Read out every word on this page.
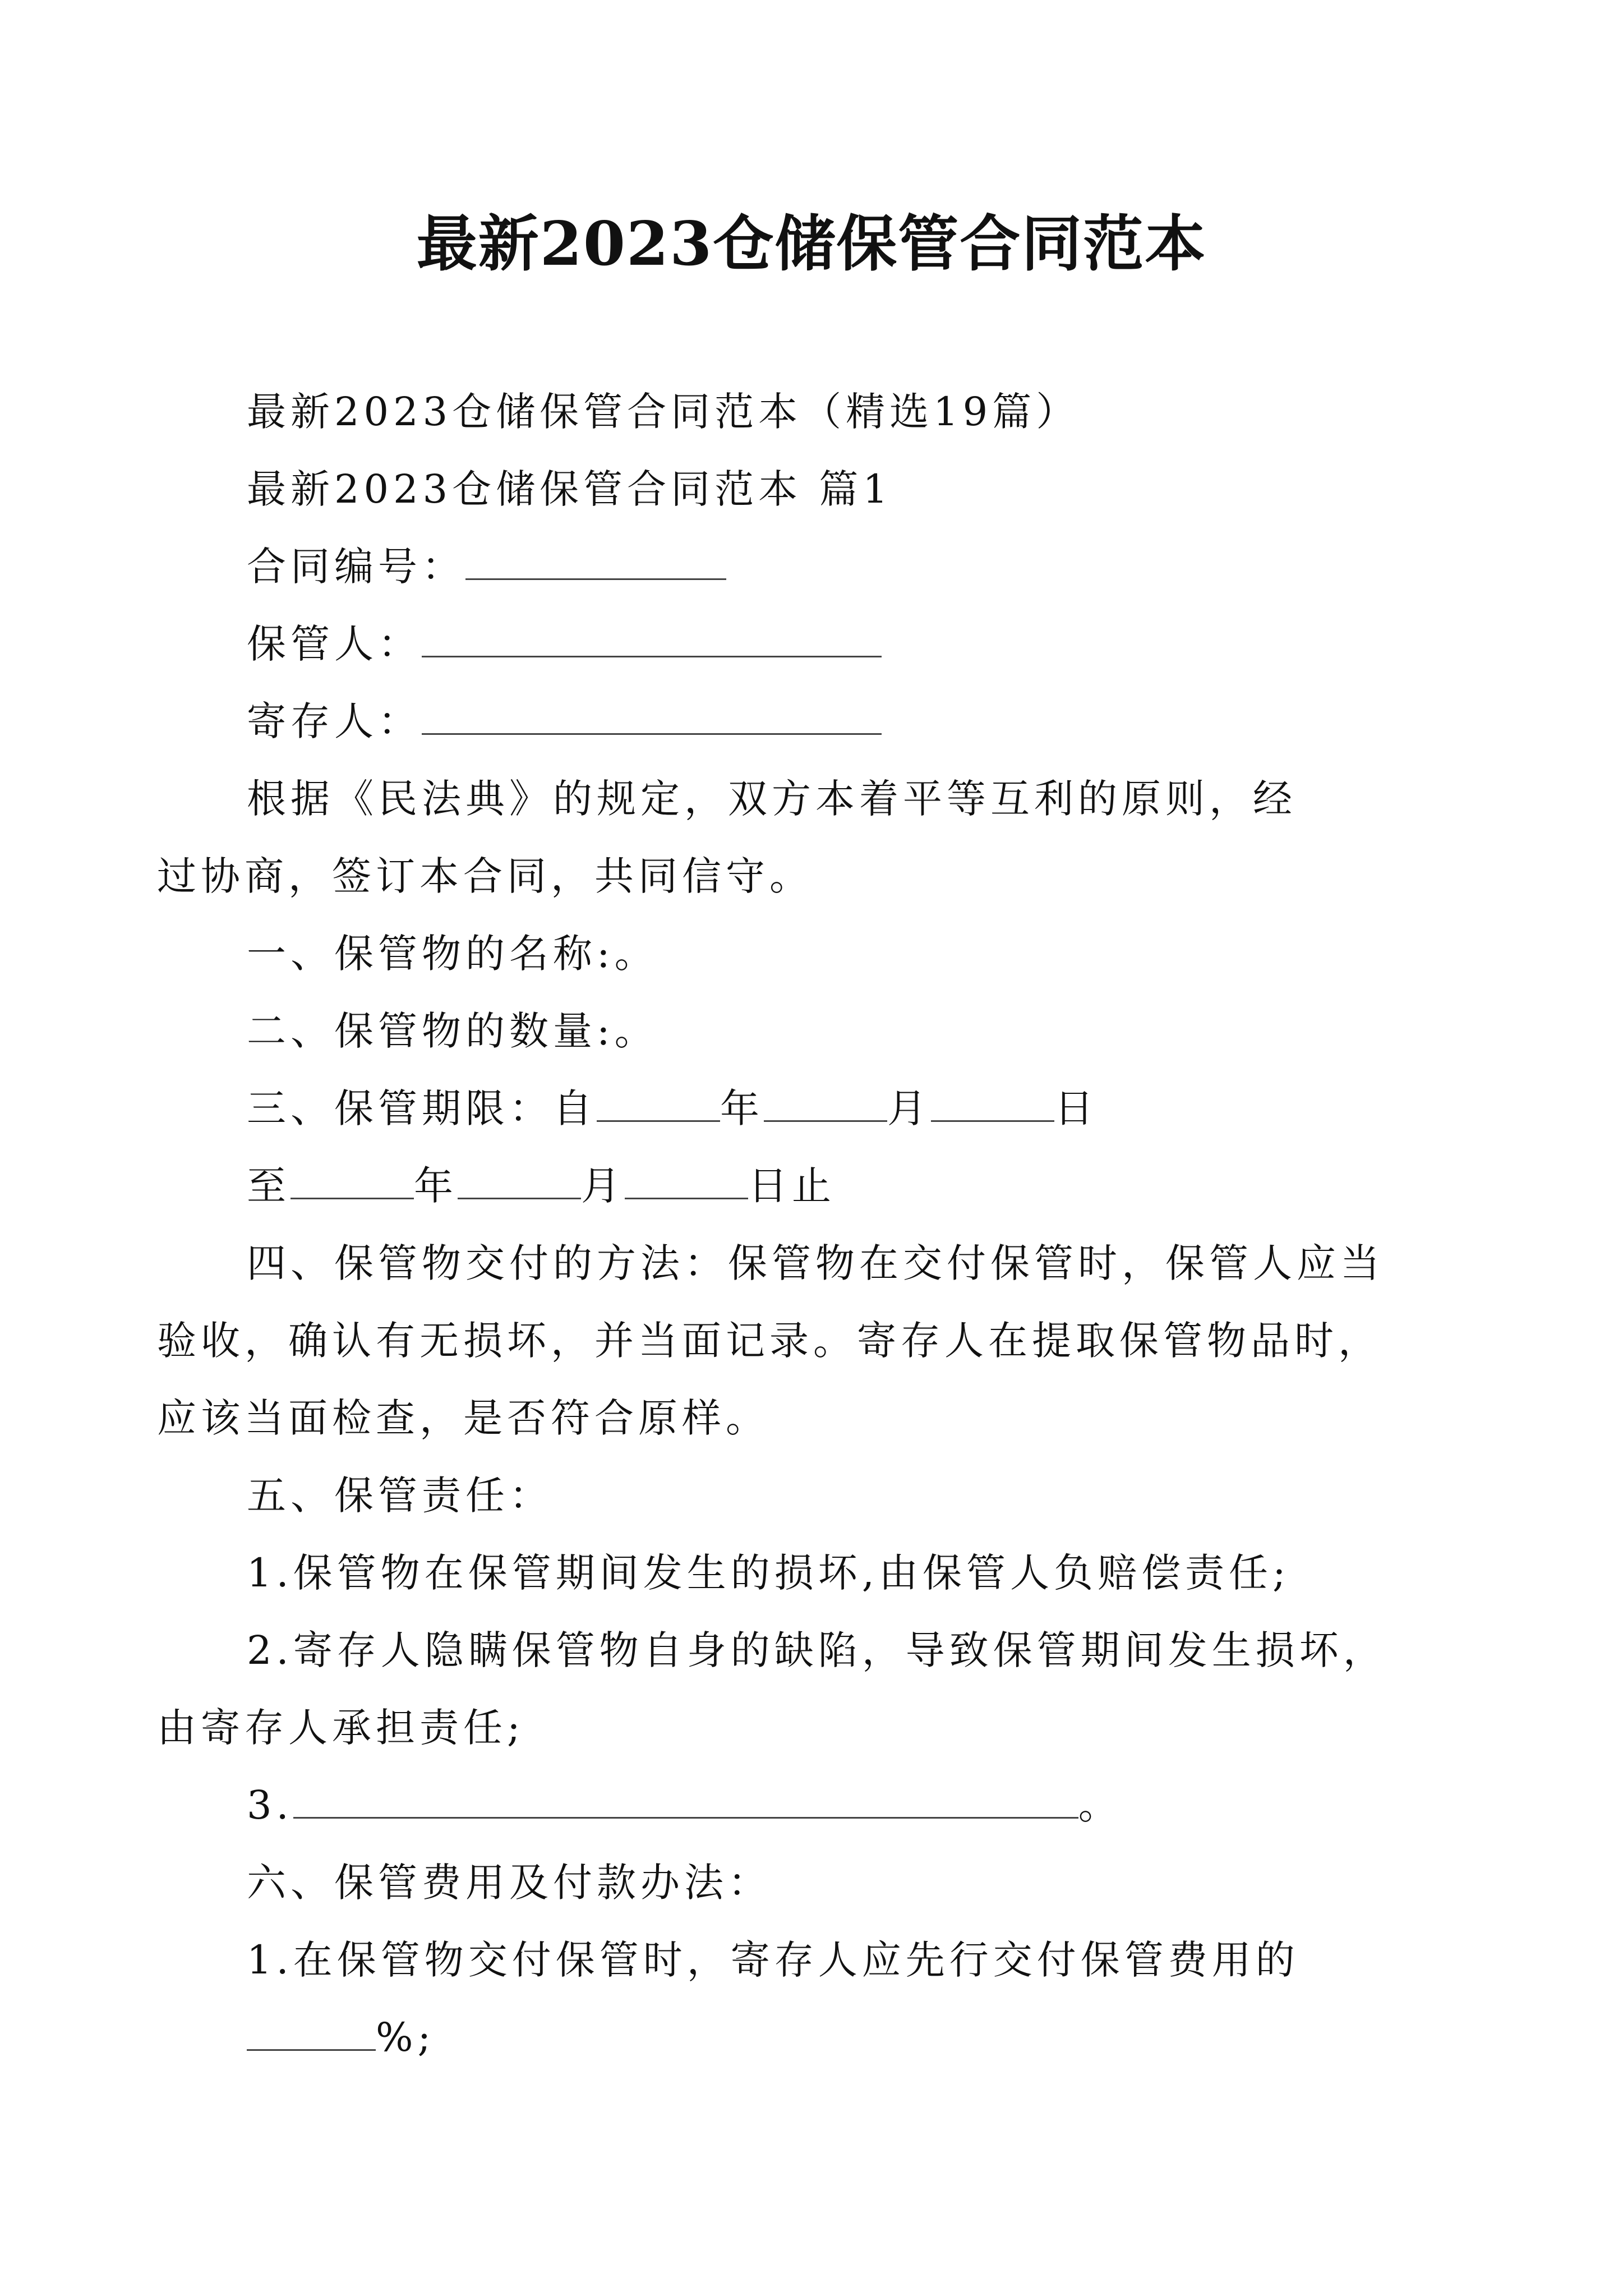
最新2023仓储保管合同范本
最新2023仓储保管合同范本（精选19篇）
最新2023仓储保管合同范本 篇1
合同编号：
保管人：
寄存人：
根据《民法典》的规定，双方本着平等互利的原则，经过协商，签订本合同，共同信守。
一、保管物的名称:。
二、保管物的数量:。
三、保管期限：自	年	月	日
至	年	月	日止
四、保管物交付的方法：保管物在交付保管时，保管人应当验收，确认有无损坏，并当面记录。寄存人在提取保管物品时，应该当面检查，是否符合原样。
五、保管责任：
1.保管物在保管期间发生的损坏,由保管人负赔偿责任;
2.寄存人隐瞒保管物自身的缺陷，导致保管期间发生损坏，由寄存人承担责任;
3.	。
六、保管费用及付款办法：
1.在保管物交付保管时，寄存人应先行交付保管费用的
%;
